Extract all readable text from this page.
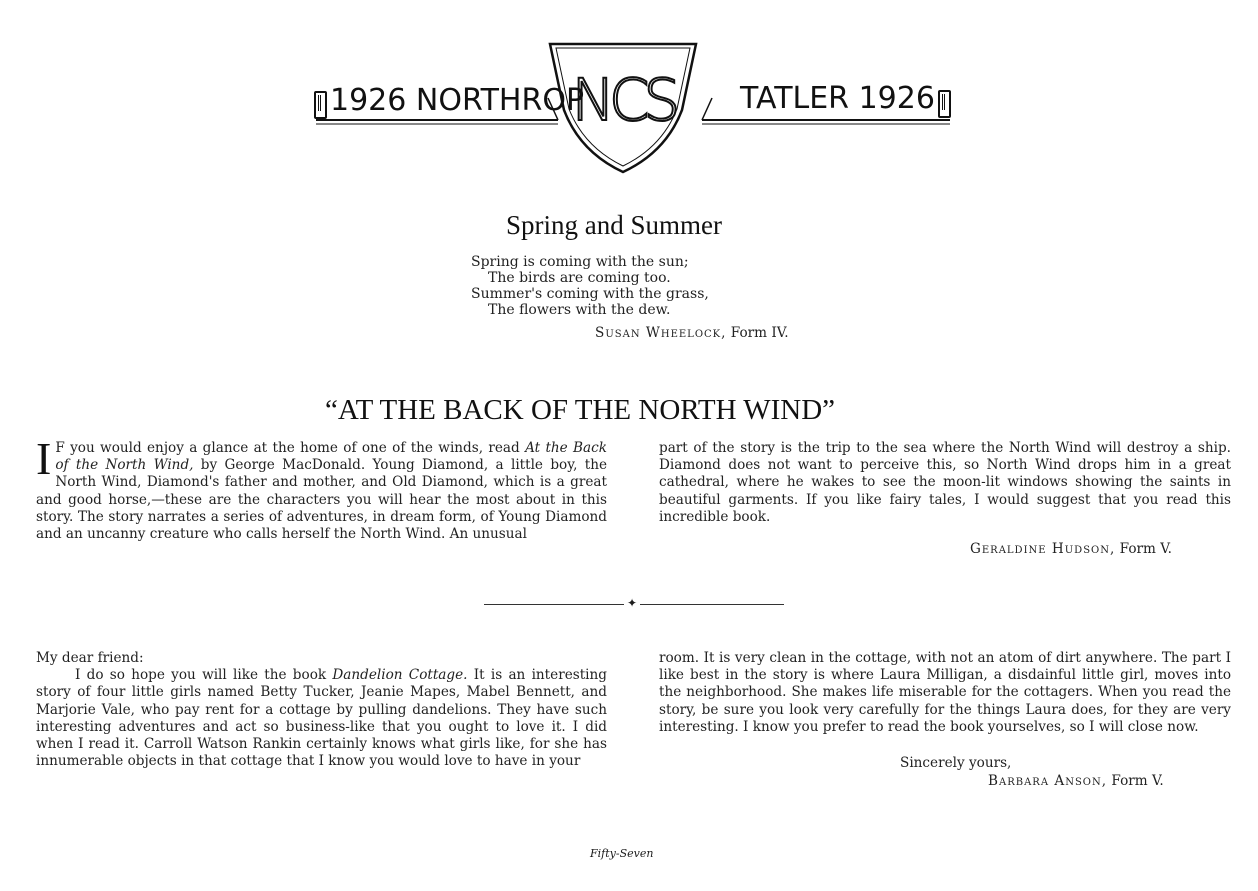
1926 NORTHROP	TATLER 1926
NCS
Spring and Summer
Spring is coming with the sun;
The birds are coming too.
Summer's coming with the grass,
The flowers with the dew.
Susan Wheelock, Form IV.
“AT THE BACK OF THE NORTH WIND”

I F you would enjoy a glance at the home of one of the winds, read At the Back of the North Wind, by George MacDonald. Young Diamond, a little boy, the North Wind, Diamond's father and mother, and Old Diamond, which is a great and good horse,—these are the characters you will hear the most about in this story. The story narrates a series of adventures, in dream form, of Young Diamond and an uncanny creature who calls herself the North Wind. An unusual

part of the story is the trip to the sea where the North Wind will destroy a ship. Diamond does not want to perceive this, so North Wind drops him in a great cathedral, where he wakes to see the moon-lit windows showing the saints in beautiful garments. If you like fairy tales, I would suggest that you read this incredible book.

Geraldine Hudson, Form V.
✦

My dear friend:

I do so hope you will like the book Dandelion Cottage. It is an interesting story of four little girls named Betty Tucker, Jeanie Mapes, Mabel Bennett, and Marjorie Vale, who pay rent for a cottage by pulling dandelions. They have such interesting adventures and act so business-like that you ought to love it. I did when I read it. Carroll Watson Rankin certainly knows what girls like, for she has innumerable objects in that cottage that I know you would love to have in your

room. It is very clean in the cottage, with not an atom of dirt anywhere. The part I like best in the story is where Laura Milligan, a disdainful little girl, moves into the neighborhood. She makes life miserable for the cottagers. When you read the story, be sure you look very carefully for the things Laura does, for they are very interesting. I know you prefer to read the book yourselves, so I will close now.

Sincerely yours,
Barbara Anson, Form V.
Fifty-Seven
